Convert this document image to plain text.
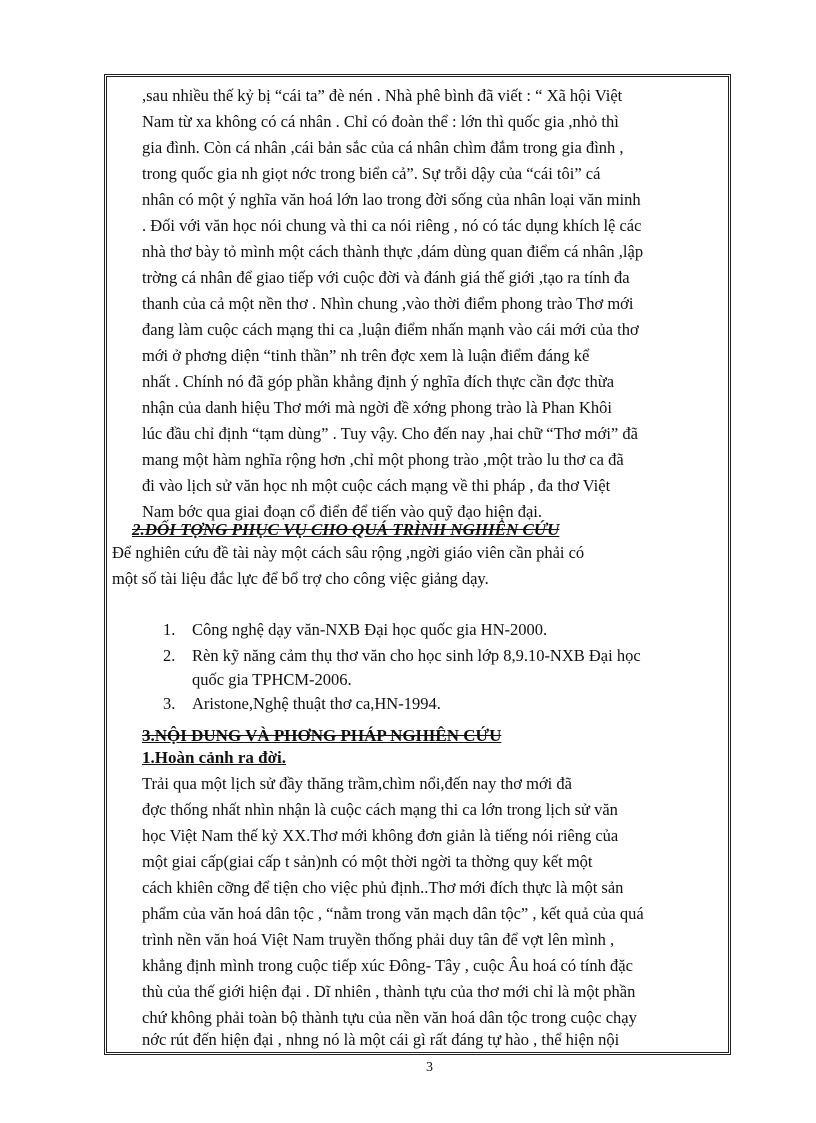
,sau nhiều thế kỷ bị “cái ta” đè nén . Nhà phê bình đã viết : “ Xã hội Việt
Nam từ xa không có cá nhân . Chỉ có đoàn thể : lớn thì quốc gia ,nhỏ thì
gia đình. Còn cá nhân ,cái bản sắc của cá nhân chìm đắm trong gia đình ,
trong quốc gia nh giọt nớc trong biển cả”. Sự trỗi dậy của “cái tôi” cá
nhân có một ý nghĩa văn hoá lớn lao trong đời sống của nhân loại văn minh
. Đối với văn học nói chung và thi ca nói riêng , nó có tác dụng khích lệ các
nhà thơ bày tỏ mình một cách thành thực ,dám dùng quan điểm cá nhân ,lập
trờng cá nhân để giao tiếp với cuộc đời và đánh giá thế giới ,tạo ra tính đa
thanh của cả một nền thơ . Nhìn chung ,vào thời điểm phong trào Thơ mới
đang làm cuộc cách mạng thi ca ,luận điểm nhấn mạnh vào cái mới của thơ
mới ở phơng diện “tinh thần” nh trên đợc xem là luận điểm đáng kể
nhất . Chính nó đã góp phần khẳng định ý nghĩa đích thực cần đợc thừa
nhận của danh hiệu Thơ mới mà ngời đề xớng phong trào là Phan Khôi
lúc đầu chỉ định “tạm dùng” . Tuy vậy. Cho đến nay ,hai chữ “Thơ mới” đã
mang một hàm nghĩa rộng hơn ,chỉ một phong trào ,một trào lu thơ ca đã
đi vào lịch sử văn học nh một cuộc cách mạng về thi pháp , đa thơ Việt
Nam bớc qua giai đoạn cổ điển để tiến vào quỹ đạo hiện đại.
2.ĐỐI TỢNG PHỤC VỤ CHO QUÁ TRÌNH NGHIÊN CỨU
Để nghiên cứu đề tài này một cách sâu rộng ,ngời giáo viên cần phải có
một số tài liệu đắc lực để bổ trợ cho công việc giảng dạy.
1. Công nghệ dạy văn-NXB Đại học quốc gia HN-2000.
2. Rèn kỹ năng cảm thụ thơ văn cho học sinh lớp 8,9.10-NXB Đại học
quốc gia TPHCM-2006.
3. Aristone,Nghệ thuật thơ ca,HN-1994.
3.NỘI DUNG VÀ PHƠNG PHÁP NGHIÊN CỨU
1.Hoàn cảnh ra đời.
Trải qua một lịch sử đầy thăng trầm,chìm nổi,đến nay thơ mới đã
đợc thống nhất nhìn nhận là cuộc cách mạng thi ca lớn trong lịch sử văn
học Việt Nam thế kỷ XX.Thơ mới không đơn giản là tiếng nói riêng của
một giai cấp(giai cấp t sản)nh có một thời ngời ta thờng quy kết một
cách khiên cỡng để tiện cho việc phủ định..Thơ mới đích thực là một sản
phẩm của văn hoá dân tộc , “nằm trong văn mạch dân tộc” , kết quả của quá
trình nền văn hoá Việt Nam truyền thống phải duy tân để vợt lên mình ,
khẳng định mình trong cuộc tiếp xúc Đông- Tây , cuộc Âu hoá có tính đặc
thù của thế giới hiện đại . Dĩ nhiên , thành tựu của thơ mới chỉ là một phần
chứ không phải toàn bộ thành tựu của nền văn hoá dân tộc trong cuộc chạy
nớc rút đến hiện đại , nhng nó là một cái gì rất đáng tự hào , thể hiện nội
3
